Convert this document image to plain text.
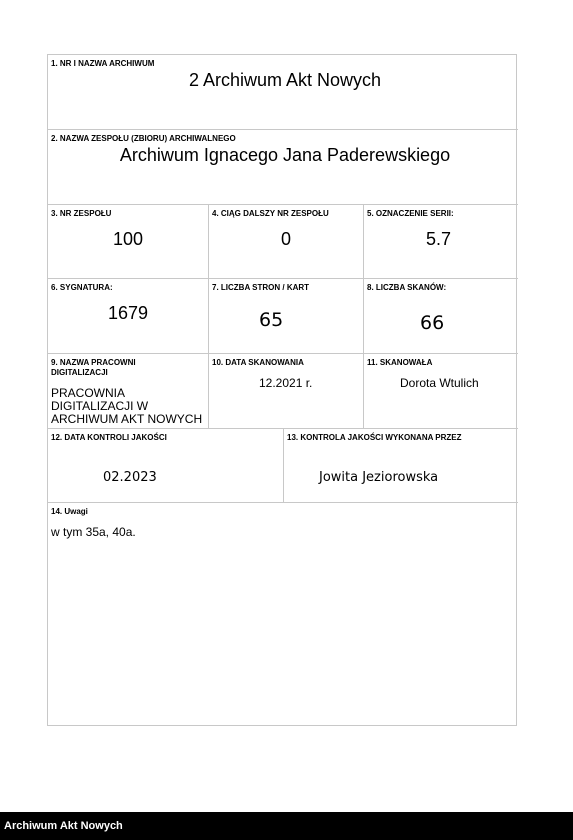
1. NR I NAZWA ARCHIWUM
2 Archiwum Akt Nowych
2. NAZWA ZESPOŁU (ZBIORU) ARCHIWALNEGO
Archiwum Ignacego Jana Paderewskiego
3. NR ZESPOŁU
100
4. CIĄG DALSZY NR ZESPOŁU
0
5. OZNACZENIE SERII:
5.7
6. SYGNATURA:
1679
7. LICZBA STRON / KART
65
8. LICZBA SKANÓW:
66
9. NAZWA PRACOWNI DIGITALIZACJI
PRACOWNIA DIGITALIZACJI W ARCHIWUM AKT NOWYCH
10. DATA SKANOWANIA
12.2021 r.
11. SKANOWAŁA
Dorota Wtulich
12. DATA KONTROLI JAKOŚCI
02.2023
13. KONTROLA JAKOŚCI WYKONANA PRZEZ
Jowita Jeziorowska
14. Uwagi
w tym 35a, 40a.
Archiwum Akt Nowych
